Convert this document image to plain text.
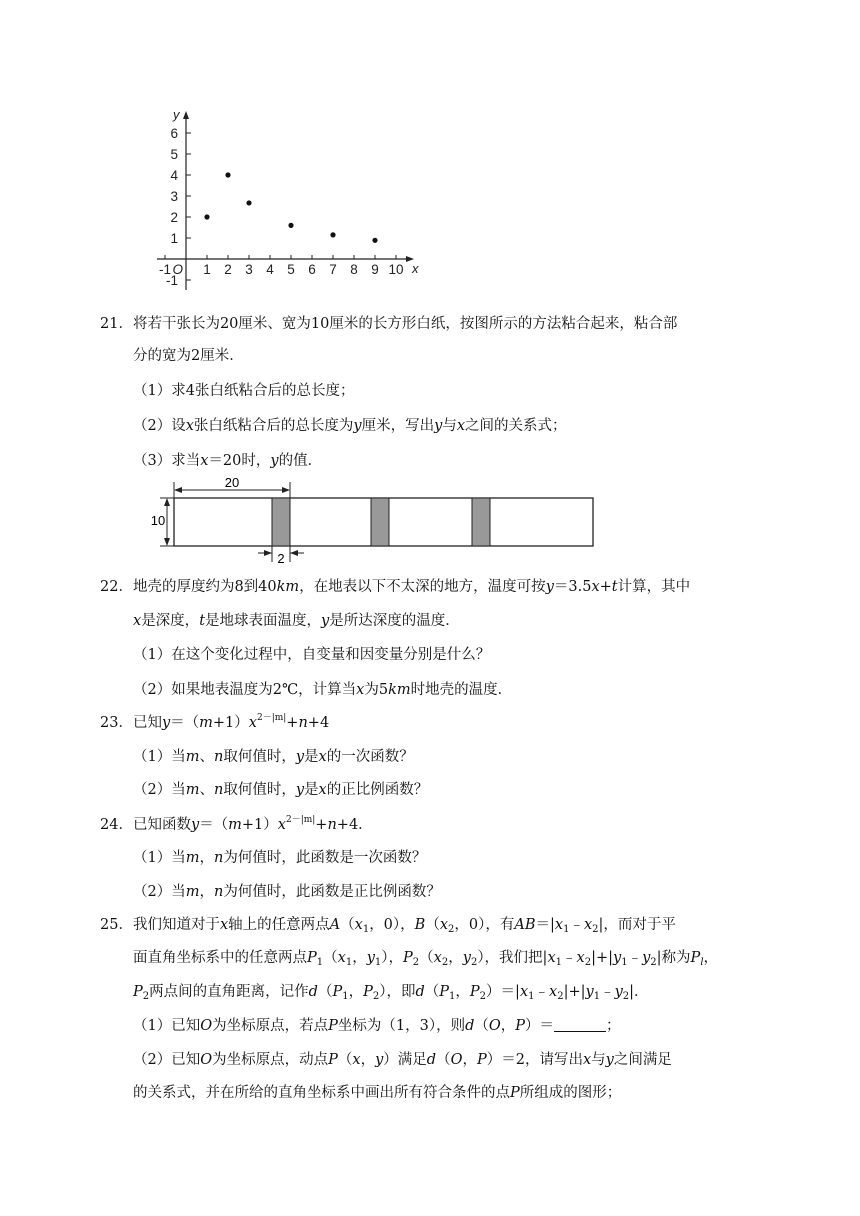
-1 1 2 3 4 5 6 7 8 9 10
-1
1
2
3
4
5
6
O	x
y
21．将若干张长为20厘米、宽为10厘米的长方形白纸，按图所示的方法粘合起来，粘合部
分的宽为2厘米．
（1）求4张白纸粘合后的总长度；
（2）设x张白纸粘合后的总长度为y厘米，写出y与x之间的关系式；
（3）求当x＝20时，y的值．
20
10
2
22．地壳的厚度约为8到40km，在地表以下不太深的地方，温度可按y＝3.5x+t计算，其中
x是深度，t是地球表面温度，y是所达深度的温度．
（1）在这个变化过程中，自变量和因变量分别是什么？
（2）如果地表温度为2℃，计算当x为5km时地壳的温度．
23．已知$y=(m+1)x^{2-|m|}+n+4$
（1）当m、n取何值时，y是x的一次函数？
（2）当m、n取何值时，y是x的正比例函数？
24．已知函数$y=(m+1)x^{2-|m|}+n+4$．
（1）当m，n为何值时，此函数是一次函数？
（2）当m，n为何值时，此函数是正比例函数？
25．我们知道对于x轴上的任意两点$A(x_1$，0），$B(x_2$，0），有$AB=|x_1﹣x_2|$，而对于平
面直角坐标系中的任意两点$P_1(x_1$，$y_1$），$P_2(x_2$，$y_2$），我们把$|x_1﹣x_2|+|y_1﹣y_2|$称为$P_l$，
$P_2$两点间的直角距离，记作$d(P_1$，$P_2$），即$d(P_1$，$P_2)=|x_1﹣x_2|+|y_1﹣y_2|$．
（1）已知O为坐标原点，若点P坐标为（1，3），则d（O，P）＝	；
（2）已知O为坐标原点，动点P（x，y）满足d（O，P）＝2，请写出x与y之间满足
的关系式，并在所给的直角坐标系中画出所有符合条件的点P所组成的图形；
